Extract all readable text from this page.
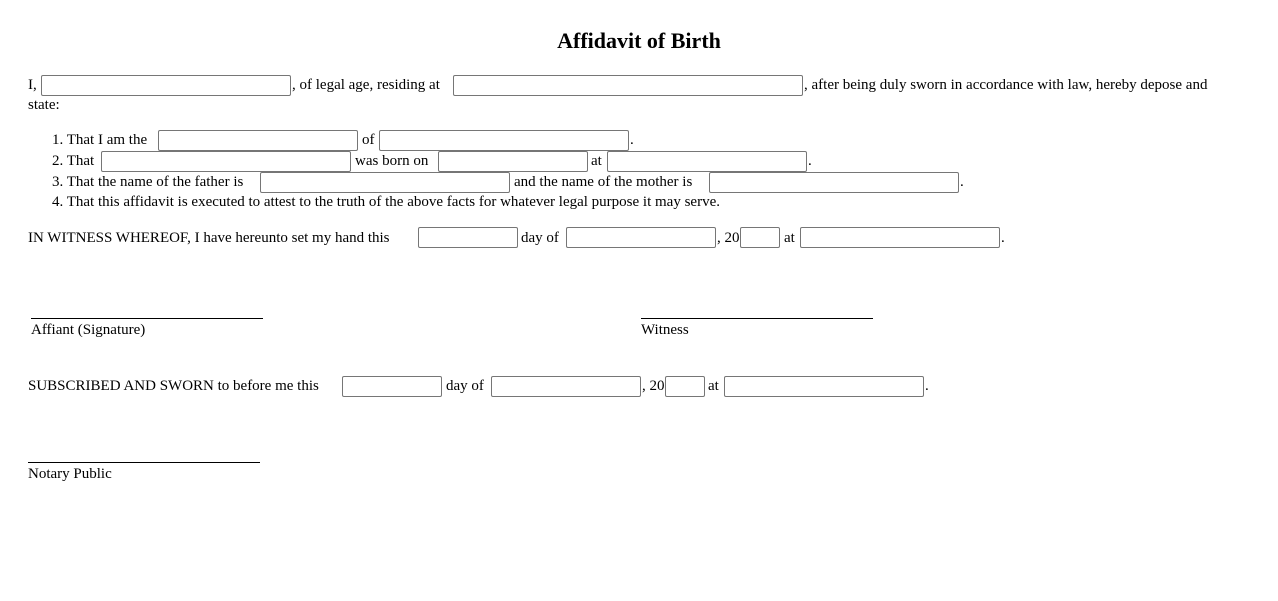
Affidavit of Birth
I,	, of legal age, residing at	, after being duly sworn in accordance with law, hereby depose and
state:
1. That I am the	of	.
2. That	was born on	at	.
3. That the name of the father is	and the name of the mother is	.
4. That this affidavit is executed to attest to the truth of the above facts for whatever legal purpose it may serve.
IN WITNESS WHEREOF, I have hereunto set my hand this	day of	, 20	at	.
Affiant (Signature)	Witness
SUBSCRIBED AND SWORN to before me this	day of	, 20	at	.
Notary Public
